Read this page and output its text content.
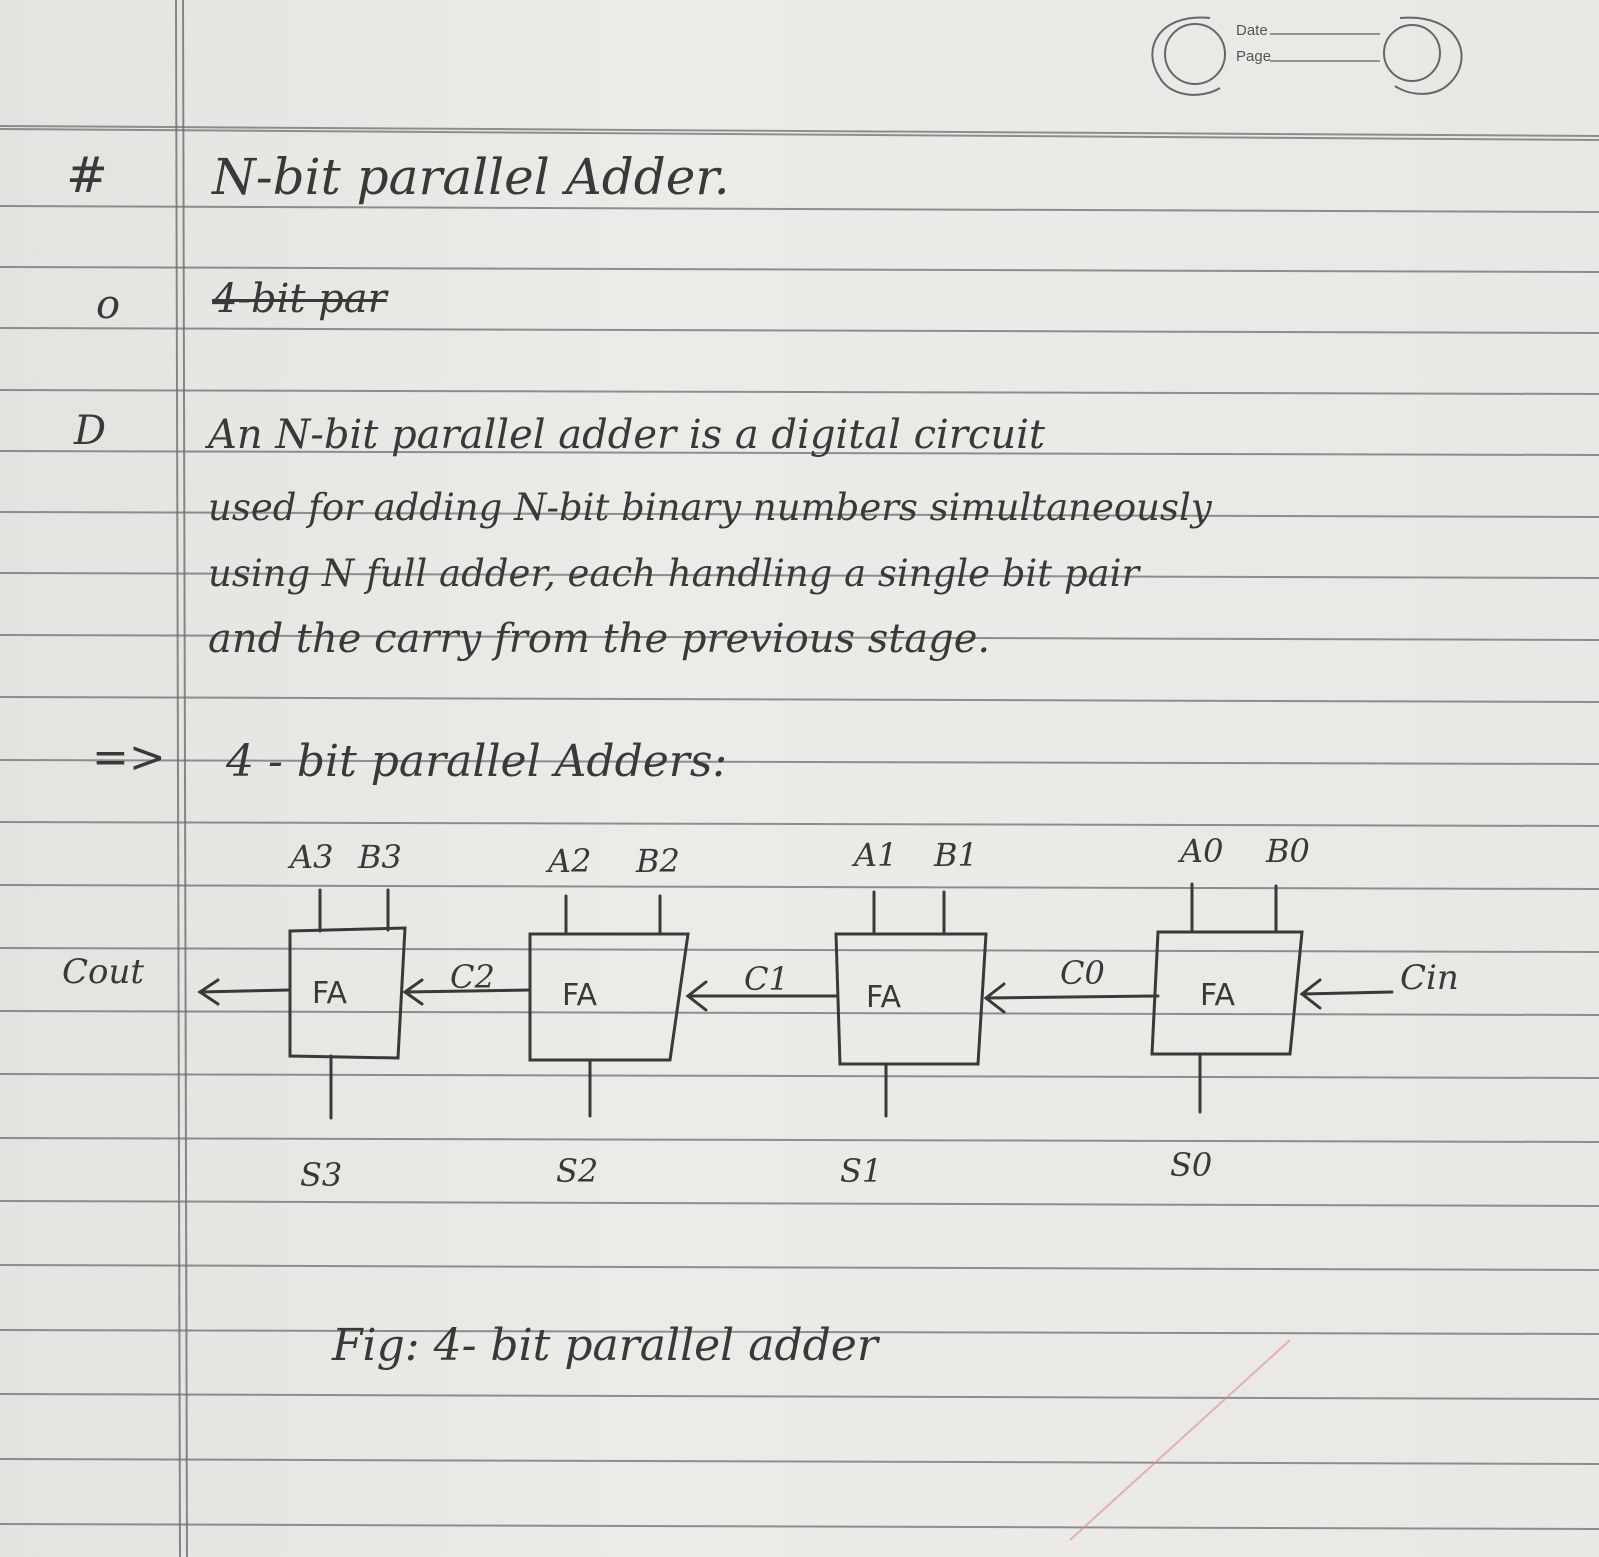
Date
Page
# N-bit parallel Adder.
o 4-bit par
D	An N-bit parallel adder is a digital circuit
used for adding N-bit binary numbers simultaneously
using N full adder, each handling a single bit pair
and the carry from the previous stage.
=> 4 - bit parallel Adders:
FA	FA	FA	FA
A3 B3	A2 B2	A1 B1	A0 B0
S3	S2	S1	S0
Cout	C2	C1	C0	Cin
Fig: 4- bit parallel adder
